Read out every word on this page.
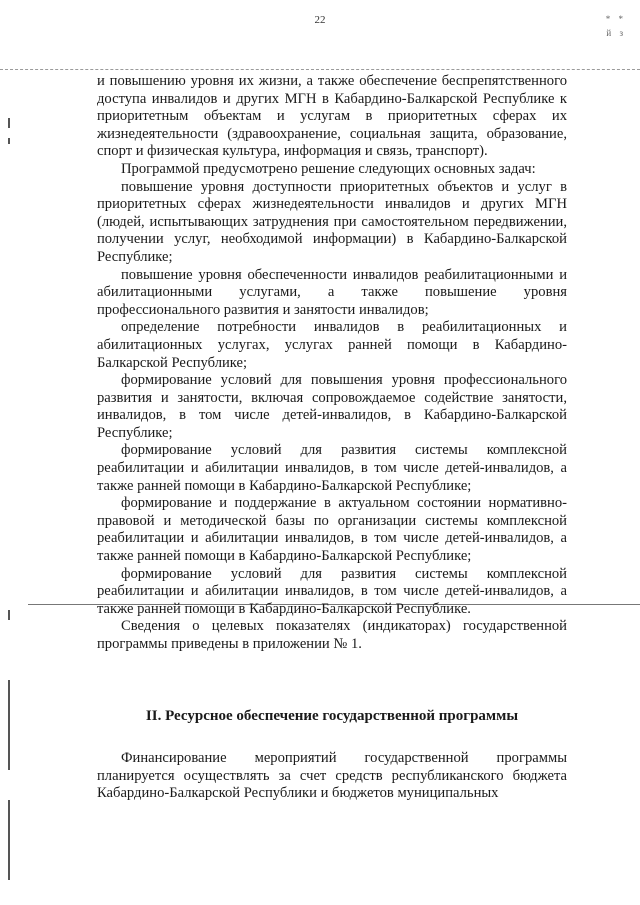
22	* *
й з

и повышению уровня их жизни, а также обеспечение беспрепятственного доступа инвалидов и других МГН в Кабардино-Балкарской Республике к приоритетным объектам и услугам в приоритетных сферах их жизнедеятельности (здравоохранение, социальная защита, образование, спорт и физическая культура, информация и связь, транспорт).

Программой предусмотрено решение следующих основных задач:

повышение уровня доступности приоритетных объектов и услуг в приоритетных сферах жизнедеятельности инвалидов и других МГН (людей, испытывающих затруднения при самостоятельном передвижении, получении услуг, необходимой информации) в Кабардино-Балкарской Республике;

повышение уровня обеспеченности инвалидов реабилитационными и абилитационными услугами, а также повышение уровня профессионального развития и занятости инвалидов;

определение потребности инвалидов в реабилитационных и абилитационных услугах, услугах ранней помощи в Кабардино-Балкарской Республике;

формирование условий для повышения уровня профессионального развития и занятости, включая сопровождаемое содействие занятости, инвалидов, в том числе детей-инвалидов, в Кабардино-Балкарской Республике;

формирование условий для развития системы комплексной реабилитации и абилитации инвалидов, в том числе детей-инвалидов, а также ранней помощи в Кабардино-Балкарской Республике;

формирование и поддержание в актуальном состоянии нормативно-правовой и методической базы по организации системы комплексной реабилитации и абилитации инвалидов, в том числе детей-инвалидов, а также ранней помощи в Кабардино-Балкарской Республике;

формирование условий для развития системы комплексной реабилитации и абилитации инвалидов, в том числе детей-инвалидов, а также ранней помощи в Кабардино-Балкарской Республике.

Сведения о целевых показателях (индикаторах) государственной программы приведены в приложении № 1.

II. Ресурсное обеспечение государственной программы

Финансирование мероприятий государственной программы планируется осуществлять за счет средств республиканского бюджета Кабардино-Балкарской Республики и бюджетов муниципальных
